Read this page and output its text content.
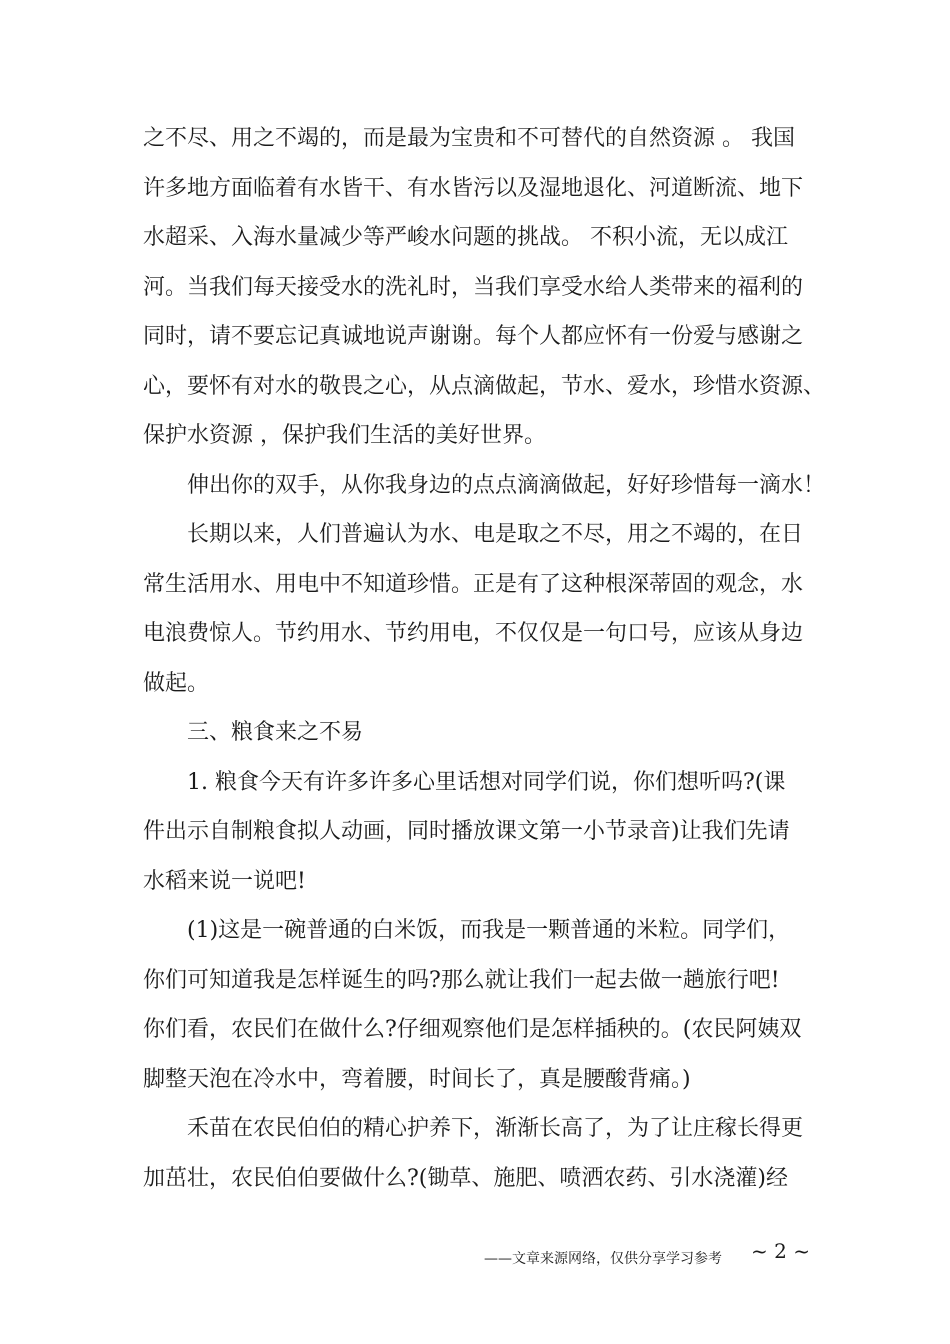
之不尽、用之不竭的，而是最为宝贵和不可替代的自然资源 。 我国
许多地方面临着有水皆干、有水皆污以及湿地退化、河道断流、地下
水超采、入海水量减少等严峻水问题的挑战。 不积小流，无以成江
河。当我们每天接受水的洗礼时，当我们享受水给人类带来的福利的
同时，请不要忘记真诚地说声谢谢。每个人都应怀有一份爱与感谢之
心，要怀有对水的敬畏之心，从点滴做起，节水、爱水，珍惜水资源、
保护水资源 ，保护我们生活的美好世界。
　　伸出你的双手，从你我身边的点点滴滴做起，好好珍惜每一滴水！
　　长期以来，人们普遍认为水、电是取之不尽，用之不竭的，在日
常生活用水、用电中不知道珍惜。正是有了这种根深蒂固的观念，水
电浪费惊人。节约用水、节约用电，不仅仅是一句口号，应该从身边
做起。
　　三、粮食来之不易
　　1. 粮食今天有许多许多心里话想对同学们说，你们想听吗?(课
件出示自制粮食拟人动画，同时播放课文第一小节录音)让我们先请
水稻来说一说吧!
　　(1)这是一碗普通的白米饭，而我是一颗普通的米粒。同学们，
你们可知道我是怎样诞生的吗?那么就让我们一起去做一趟旅行吧!
你们看，农民们在做什么?仔细观察他们是怎样插秧的。(农民阿姨双
脚整天泡在冷水中，弯着腰，时间长了，真是腰酸背痛。)
　　禾苗在农民伯伯的精心护养下，渐渐长高了，为了让庄稼长得更
加茁壮，农民伯伯要做什么?(锄草、施肥、喷洒农药、引水浇灌)经
——文章来源网络，仅供分享学习参考 ~ 2 ~
